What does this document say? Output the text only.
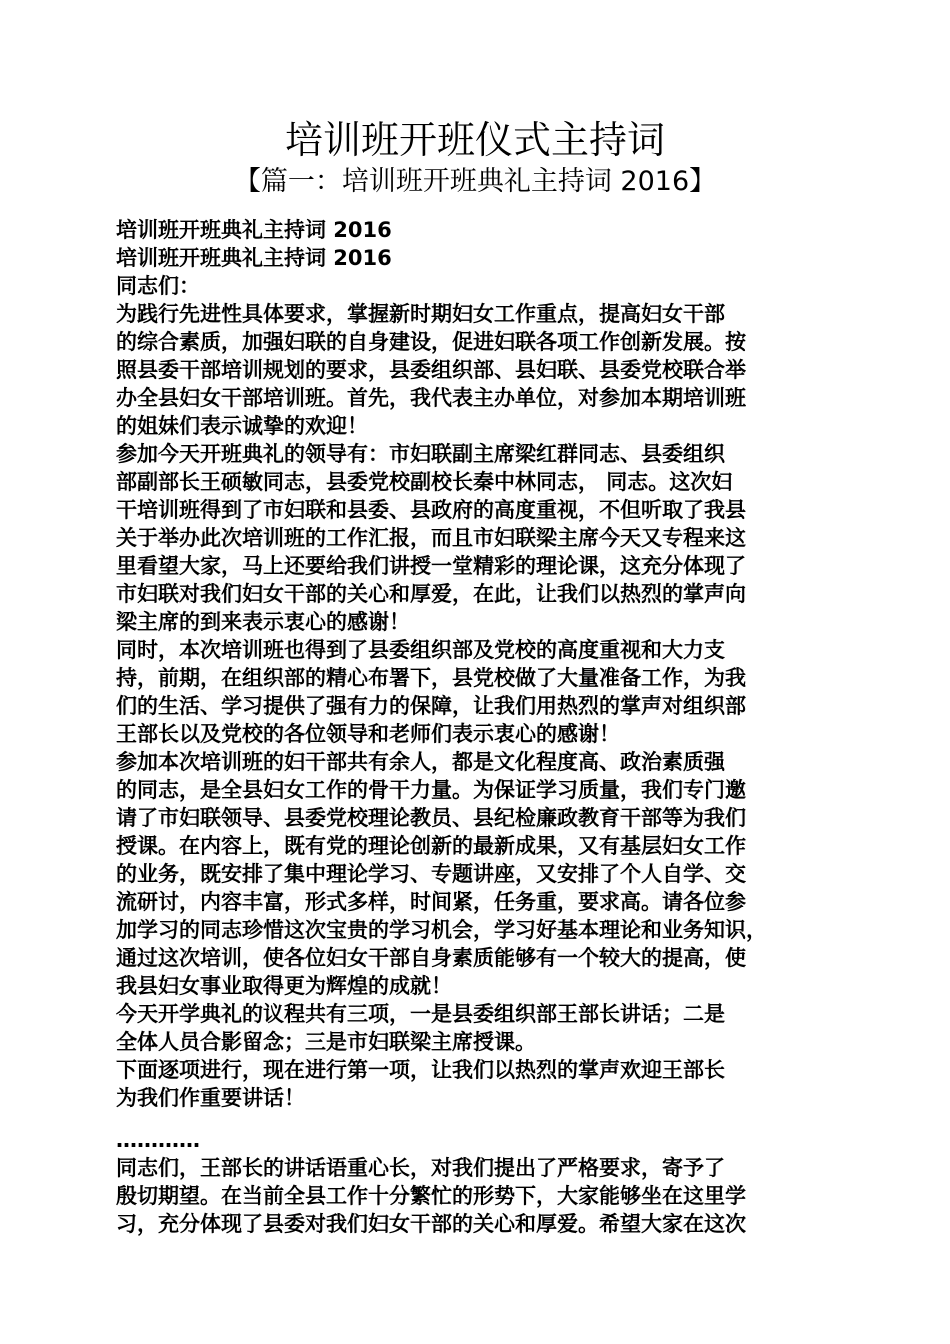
培训班开班仪式主持词
【篇一：培训班开班典礼主持词 2016】
培训班开班典礼主持词 2016
培训班开班典礼主持词 2016
同志们：
为践行先进性具体要求，掌握新时期妇女工作重点，提高妇女干部
的综合素质，加强妇联的自身建设，促进妇联各项工作创新发展。按
照县委干部培训规划的要求，县委组织部、县妇联、县委党校联合举
办全县妇女干部培训班。首先，我代表主办单位，对参加本期培训班
的姐妹们表示诚挚的欢迎！
参加今天开班典礼的领导有：市妇联副主席梁红群同志、县委组织
部副部长王硕敏同志，县委党校副校长秦中林同志， 同志。这次妇
干培训班得到了市妇联和县委、县政府的高度重视，不但听取了我县
关于举办此次培训班的工作汇报，而且市妇联梁主席今天又专程来这
里看望大家，马上还要给我们讲授一堂精彩的理论课，这充分体现了
市妇联对我们妇女干部的关心和厚爱，在此，让我们以热烈的掌声向
梁主席的到来表示衷心的感谢！
同时，本次培训班也得到了县委组织部及党校的高度重视和大力支
持，前期，在组织部的精心布署下，县党校做了大量准备工作，为我
们的生活、学习提供了强有力的保障，让我们用热烈的掌声对组织部
王部长以及党校的各位领导和老师们表示衷心的感谢！
参加本次培训班的妇干部共有余人，都是文化程度高、政治素质强
的同志，是全县妇女工作的骨干力量。为保证学习质量，我们专门邀
请了市妇联领导、县委党校理论教员、县纪检廉政教育干部等为我们
授课。在内容上，既有党的理论创新的最新成果，又有基层妇女工作
的业务，既安排了集中理论学习、专题讲座，又安排了个人自学、交
流研讨，内容丰富，形式多样，时间紧，任务重，要求高。请各位参
加学习的同志珍惜这次宝贵的学习机会，学习好基本理论和业务知识，
通过这次培训，使各位妇女干部自身素质能够有一个较大的提高，使
我县妇女事业取得更为辉煌的成就！
今天开学典礼的议程共有三项，一是县委组织部王部长讲话；二是
全体人员合影留念；三是市妇联梁主席授课。
下面逐项进行，现在进行第一项，让我们以热烈的掌声欢迎王部长
为我们作重要讲话！
…………
同志们，王部长的讲话语重心长，对我们提出了严格要求，寄予了
殷切期望。在当前全县工作十分繁忙的形势下，大家能够坐在这里学
习，充分体现了县委对我们妇女干部的关心和厚爱。希望大家在这次
